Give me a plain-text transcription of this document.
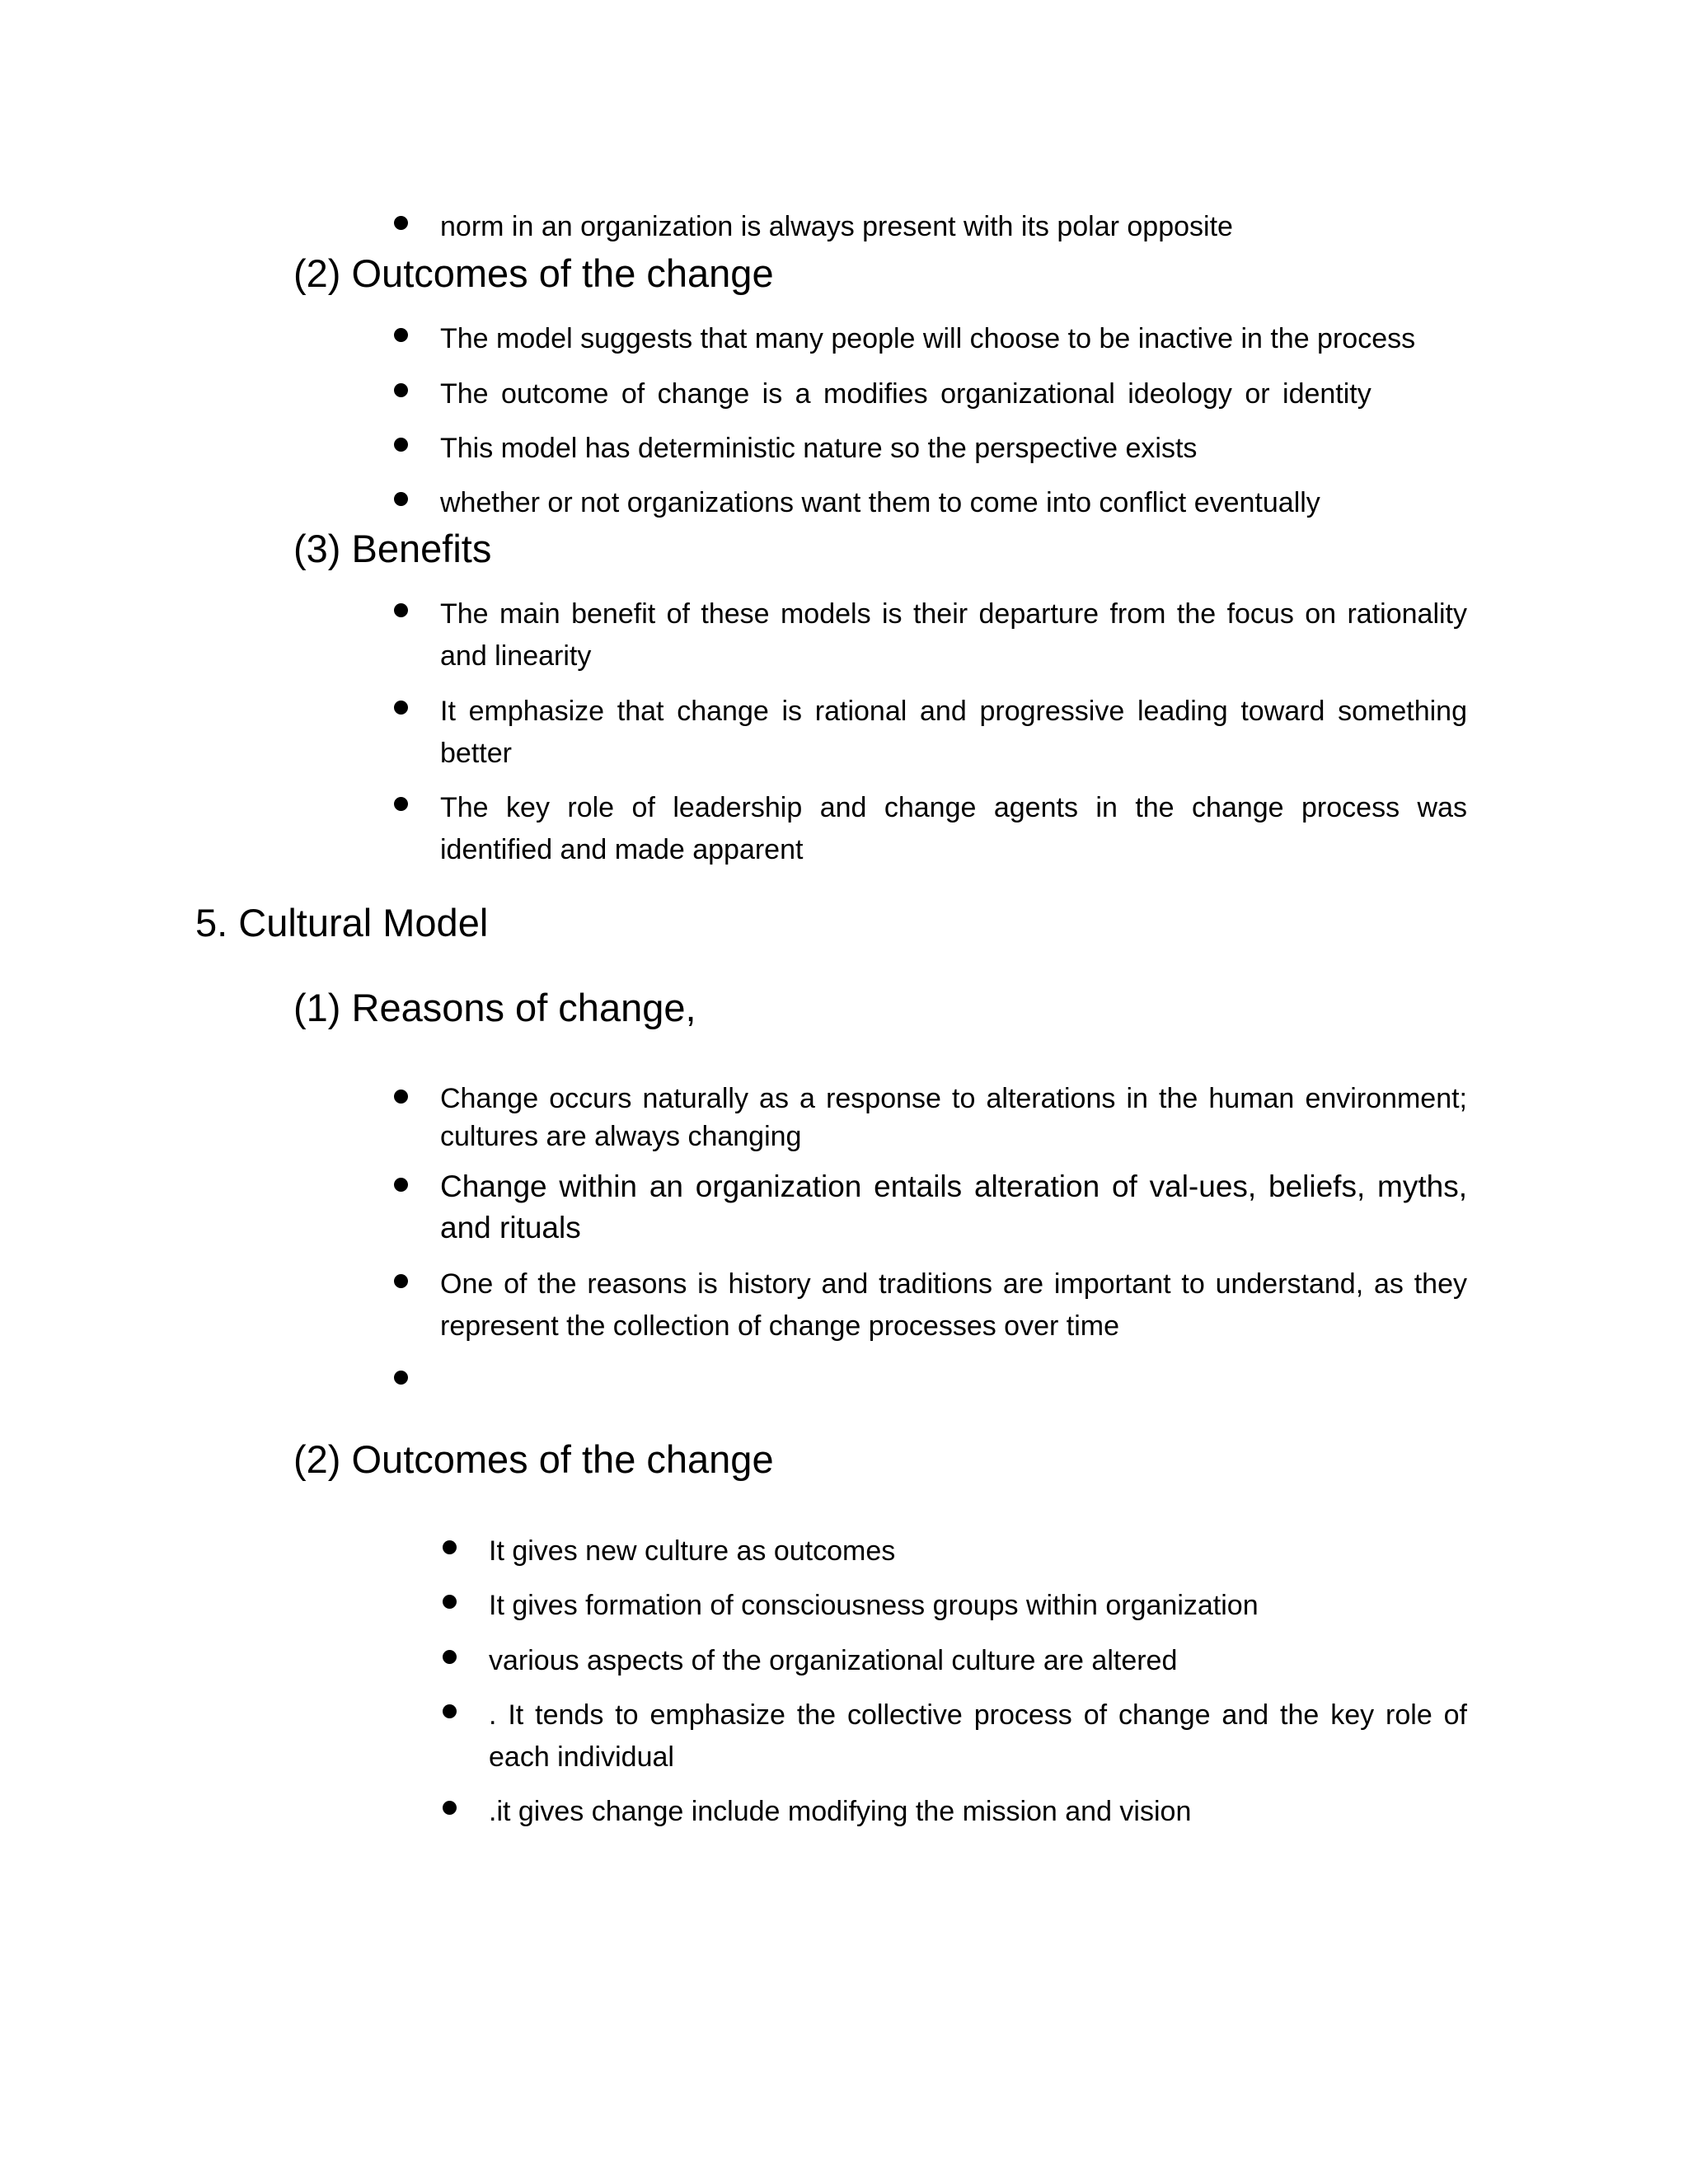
norm in an organization is always present with its polar opposite
(2) Outcomes of the change
The model suggests that many people will choose to be inactive in the process
The outcome of change is a modifies organizational ideology or identity
This model has deterministic nature so the perspective exists
whether or not organizations want them to come into conflict eventually
(3) Benefits
The main benefit of these models is their departure from the focus on rationality and linearity
It emphasize that change is rational and progressive leading toward something better
The key role of leadership and change agents in the change process was identified and made apparent
5. Cultural Model
(1) Reasons of change,
Change occurs naturally as a response to alterations in the human environment; cultures are always changing
Change within an organization entails alteration of val-ues, beliefs, myths, and rituals
One of the reasons is history and traditions are important to understand, as they represent the collection of change processes over time
(2) Outcomes of the change
It gives new culture as outcomes
It gives formation of consciousness groups within organization
various aspects of the organizational culture are altered
. It tends to emphasize the collective process of change and the key role of each individual
.it gives change include modifying the mission and vision
